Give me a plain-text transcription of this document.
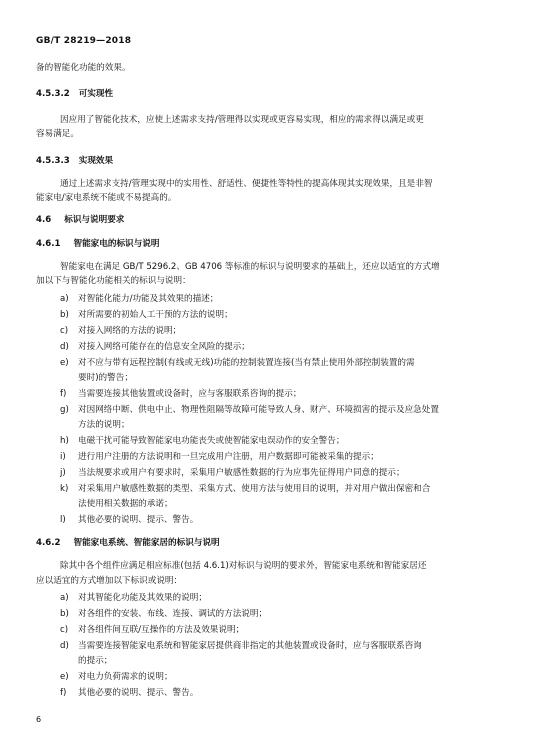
GB/T 28219—2018
备的智能化功能的效果。
4.5.3.2 可实现性
因应用了智能化技术，应使上述需求支持/管理得以实现或更容易实现，相应的需求得以满足或更
容易满足。
4.5.3.3 实现效果
通过上述需求支持/管理实现中的实用性、舒适性、便捷性等特性的提高体现其实现效果，且是非智
能家电/家电系统不能或不易提高的。
4.6 标识与说明要求
4.6.1 智能家电的标识与说明
智能家电在满足 GB/T 5296.2、GB 4706 等标准的标识与说明要求的基础上，还应以适宜的方式增
加以下与智能化功能相关的标识与说明：
a) 对智能化能力/功能及其效果的描述；
b) 对所需要的初始人工干预的方法的说明；
c) 对接入网络的方法的说明；
d) 对接入网络可能存在的信息安全风险的提示；
e) 对不应与带有远程控制(有线或无线)功能的控制装置连接(当有禁止使用外部控制装置的需
要时)的警告；
f) 当需要连接其他装置或设备时，应与客服联系咨询的提示；
g) 对因网络中断、供电中止、物理性阻隔等故障可能导致人身、财产、环境损害的提示及应急处置
方法的说明；
h) 电磁干扰可能导致智能家电功能丧失或使智能家电误动作的安全警告；
i) 进行用户注册的方法说明和一旦完成用户注册，用户数据即可能被采集的提示；
j) 当法规要求或用户有要求时，采集用户敏感性数据的行为应事先征得用户同意的提示；
k) 对采集用户敏感性数据的类型、采集方式、使用方法与使用目的说明，并对用户做出保密和合
法使用相关数据的承诺；
l) 其他必要的说明、提示、警告。
4.6.2 智能家电系统、智能家居的标识与说明
除其中各个组件应满足相应标准(包括 4.6.1)对标识与说明的要求外，智能家电系统和智能家居还
应以适宜的方式增加以下标识或说明：
a) 对其智能化功能及其效果的说明；
b) 对各组件的安装、布线、连接、调试的方法说明；
c) 对各组件间互联/互操作的方法及效果说明；
d) 当需要连接智能家电系统和智能家居提供商非指定的其他装置或设备时，应与客服联系咨询
的提示；
e) 对电力负荷需求的说明；
f) 其他必要的说明、提示、警告。
6
